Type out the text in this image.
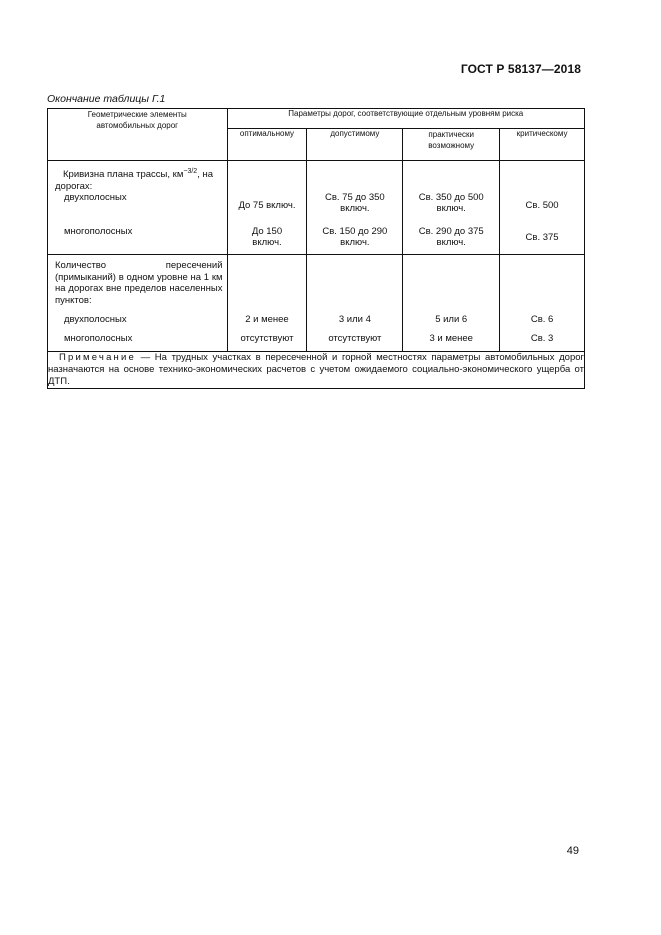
ГОСТ Р 58137—2018
Окончание таблицы Г.1
Геометрические элементы автомобильных дорог	Параметры дорог, соответствующие отдельным уровням риска			
	оптимальному	допустимому	практически возможному	критическому
Кривизна плана трассы, $км^{-3/2}$, на дорогах:				
двухполосных	До 75 включ.	Св. 75 до 350 включ.	Св. 350 до 500 включ.	Св. 500
многополосных	До 150 включ.	Св. 150 до 290 включ.	Св. 290 до 375 включ.	Св. 375
Количество пересечений (примыканий) в одном уровне на 1 км на дорогах вне пределов населенных пунктов:				
двухполосных	2 и менее	3 или 4	5 или 6	Св. 6
многополосных	отсутствуют	отсутствуют	3 и менее	Св. 3
Примечание — На трудных участках в пересеченной и горной местностях параметры автомобильных дорог назначаются на основе технико-экономических расчетов с учетом ожидаемого социально-экономического ущерба от ДТП.				
49
